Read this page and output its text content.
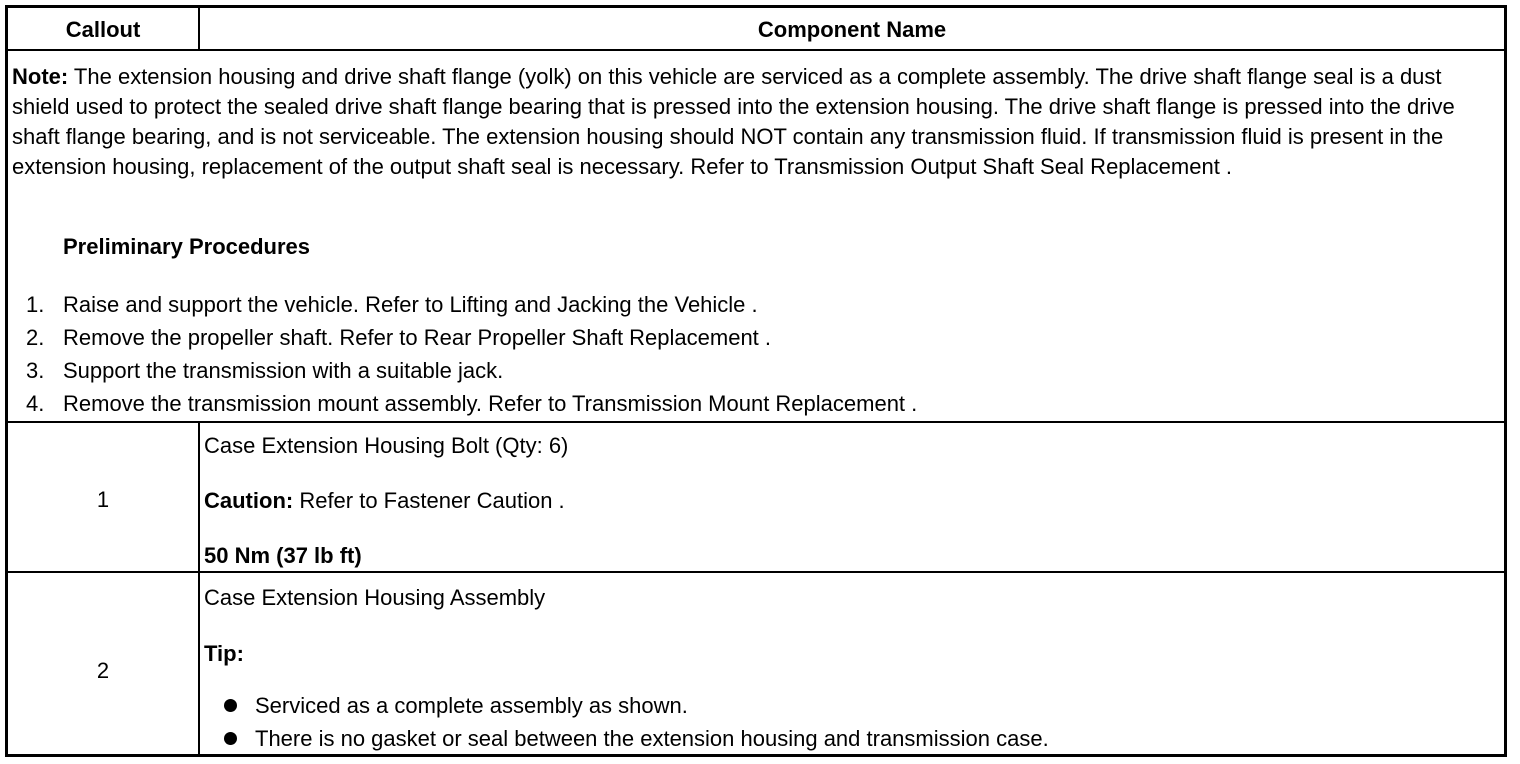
Callout	Component Name
Note: The extension housing and drive shaft flange (yolk) on this vehicle are serviced as a complete assembly. The drive shaft flange seal is a dust shield used to protect the sealed drive shaft flange bearing that is pressed into the extension housing. The drive shaft flange is pressed into the drive shaft flange bearing, and is not serviceable. The extension housing should NOT contain any transmission fluid. If transmission fluid is present in the extension housing, replacement of the output shaft seal is necessary. Refer to Transmission Output Shaft Seal Replacement .
Preliminary Procedures
1. Raise and support the vehicle. Refer to Lifting and Jacking the Vehicle .
2. Remove the propeller shaft. Refer to Rear Propeller Shaft Replacement .
3. Support the transmission with a suitable jack.
4. Remove the transmission mount assembly. Refer to Transmission Mount Replacement .
1
Case Extension Housing Bolt (Qty: 6)
Caution: Refer to Fastener Caution .
50 Nm (37 lb ft)
2
Case Extension Housing Assembly
Tip:
Serviced as a complete assembly as shown.
There is no gasket or seal between the extension housing and transmission case.
